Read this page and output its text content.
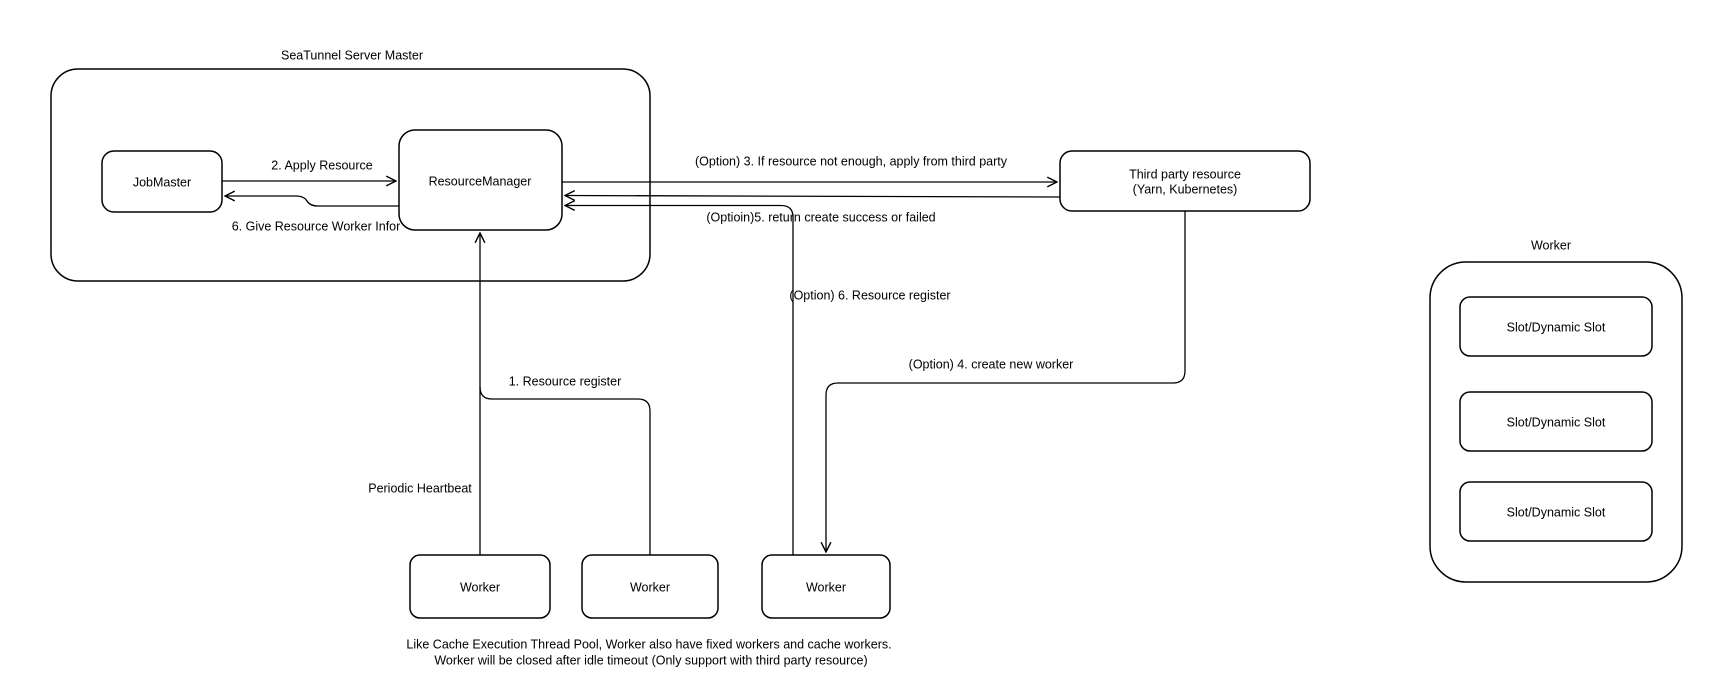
SeaTunnel Server Master
2. Apply Resource
6. Give Resource Worker Infor
(Option) 3. If resource not enough, apply from third party
(Optioin)5. return create success or failed
(Option) 6. Resource register
(Option) 4. create new worker
1. Resource register
Periodic Heartbeat
JobMaster	ResourceManager	Third party resource
(Yarn, Kubernetes)
Worker	Worker	Worker
Worker
Slot/Dynamic Slot
Slot/Dynamic Slot
Slot/Dynamic Slot
Like Cache Execution Thread Pool, Worker also have fixed workers and cache workers.
Worker will be closed after idle timeout (Only support with third party resource)
